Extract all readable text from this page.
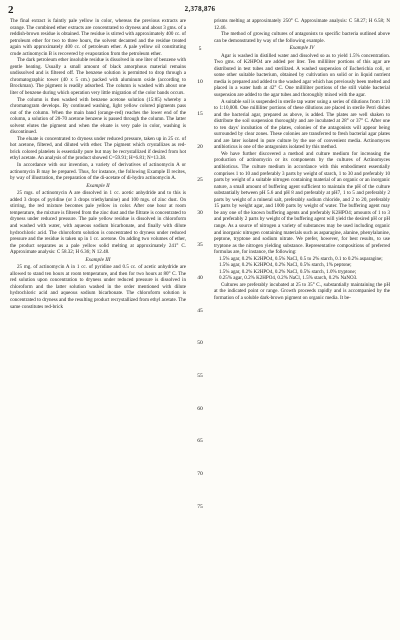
2	2,378,876

The final extract is faintly pale yellow in color, whereas the previous extracts are orange. The combined ether extracts are concentrated to dryness and about 3 gms. of a reddish-brown residue is obtained. The residue is stirred with approximately 400 cc. of petroleum ether for two to three hours, the solvent decanted and the residue treated again with approximately 400 cc. of petroleum ether. A pale yellow oil constituting crude actinomycin B is recovered by evaporation from the petroleum ether.

The dark petroleum ether insoluble residue is dissolved in one liter of benzene with gentle heating. Usually a small amount of black amorphous material remains undissolved and is filtered off. The benzene solution is permitted to drop through a chromatographic tower (40 x 5 cm.) packed with aluminum oxide (according to Brockman). The pigment is readily adsorbed. The column is washed with about one liter of benzene during which operation very little migration of the color bands occurs.

The column is then washed with benzene acetone solution (15:85) whereby a chromatogram develops. By continued washing, light yellow colored pigments pass out of the column. When the main band (orange-red) reaches the lower end of the column, a solution of 20-70 acetone benzene is passed through the column. The latter solvent elutes the pigment and when the eluate is very pale in color, washing is discontinued.

The eluate is concentrated to dryness under reduced pressure, taken up in 25 cc. of hot acetone, filtered, and diluted with ether. The pigment which crystallizes as red-brick colored platelets is essentially pure but may be recrystallized if desired from hot ethyl acetate. An analysis of the product showed C=59.91; H=6.81; N=13.38.

In accordance with our invention, a variety of derivatives of actinomycin A or actinomycin B may be prepared. Thus, for instance, the following Example II recites, by way of illustration, the preparation of the di-acetate of di-hydro actinomycin A.

Example II

25 mgs. of actinomycin A are dissolved in 1 cc. acetic anhydride and to this is added 3 drops of pyridine (or 3 drops triethylamine) and 100 mgs. of zinc dust. On stirring, the red mixture becomes pale yellow in color. After one hour at room temperature, the mixture is filtered from the zinc dust and the filtrate is concentrated to dryness under reduced pressure. The pale yellow residue is dissolved in chloroform and washed with water, with aqueous sodium bicarbonate, and finally with dilute hydrochloric acid. The chloroform solution is concentrated to dryness under reduced pressure and the residue is taken up in 1 cc. acetone. On adding two volumes of ether, the product separates as a pale yellow solid melting at approximately 241° C. Approximate analysis: C 58.32; H 6.36; N 12.48.

Example III

25 mg. of actinomycin A in 1 cc. of pyridine and 0.5 cc. of acetic anhydride are allowed to stand ten hours at room temperature, and then for two hours at 80° C. The red solution upon concentration to dryness under reduced pressure is dissolved in chloroform and the latter solution washed in the order mentioned with dilute hydrochloric acid and aqueous sodium bicarbonate. The chloroform solution is concentrated to dryness and the resulting product recrystallized from ethyl acetate. The same constitutes red-brick

5
10
15
20
25
30
35
40
45
50
55
60
65
70
75

prisms melting at approximately 250° C. Approximate analysis: C 58.27; H 6.58; N 12.46.

The method of growing cultures of antagonists to specific bacteria outlined above can be demonstrated by way of the following example.

Example IV

Agar is washed in distilled water and dissolved so as to yield 1.5% concentration. Two gms. of K2HPO4 are added per liter. Ten milliliter portions of this agar are distributed in test tubes and sterilized. A washed suspension of Escherichia coli, or some other suitable bacterium, obtained by cultivation on solid or in liquid nutrient media is prepared and added to the washed agar which has previously been melted and placed in a water bath at 42° C. One milliliter portions of the still viable bacterial suspension are added to the agar tubes and thoroughly mixed with the agar.

A suitable soil is suspended in sterile tap water using a series of dilutions from 1:10 to 1:10,000. One milliliter portions of these dilutions are placed in sterile Petri dishes and the bacterial agar, prepared as above, is added. The plates are well shaken to distribute the soil suspension thoroughly and are incubated at 28° or 37° C. After one to ten days' incubation of the plates, colonies of the antagonists will appear being surrounded by clear zones. These colonies are transferred to fresh bacterial agar plates and are later isolated in pure culture by the use of convenient media. Actinomyces antibioticus is one of the antagonists isolated by this method.

We have further discovered a method and culture medium for increasing the production of actinomycin or its components by the cultures of Actinomyces antibioticus. The culture medium in accordance with this embodiment essentially comprises 1 to 10 and preferably 3 parts by weight of starch, 1 to 30 and preferably 10 parts by weight of a suitable nitrogen containing material of an organic or an inorganic nature, a small amount of buffering agent sufficient to maintain the pH of the culture substantially between pH 5.6 and pH 8 and preferably at pH7, 1 to 5 and preferably 2 parts by weight of a mineral salt, preferably sodium chloride, and 2 to 20, preferably 15 parts by weight agar, and 1000 parts by weight of water. The buffering agent may be any one of the known buffering agents and preferably K2HPO4; amounts of 1 to 3 and preferably 2 parts by weight of the buffering agent will yield the desired pH or pH range. As a source of nitrogen a variety of substances may be used including organic and inorganic nitrogen containing materials such as asparagine, alanine, phenylalanine, peptone, tryptone and sodium nitrate. We prefer, however, for best results, to use tryptone as the nitrogen yielding substance. Representative compositions of preferred formulas are, for instance, the following:

1.5% agar, 0.2% K2HPO4, 0.5% NaCl, 0.5 to 2% starch, 0.1 to 0.2% asparagine;

1.5% agar, 0.2% K2HPO4, 0.2% NaCl, 0.5% starch, 1% peptone;

1.5% agar, 0.2% K2HPO4, 0.2% NaCl, 0.5% starch, 1.0% tryptone;

0.25% agar, 0.2% K2HPO4, 0.2% NaCl, 1.5% starch, 0.2% NaNO3.

Cultures are preferably incubated at 25 to 35° C., substantially maintaining the pH at the indicated point or range. Growth proceeds rapidly and is accompanied by the formation of a soluble dark-brown pigment on organic media. It be-
